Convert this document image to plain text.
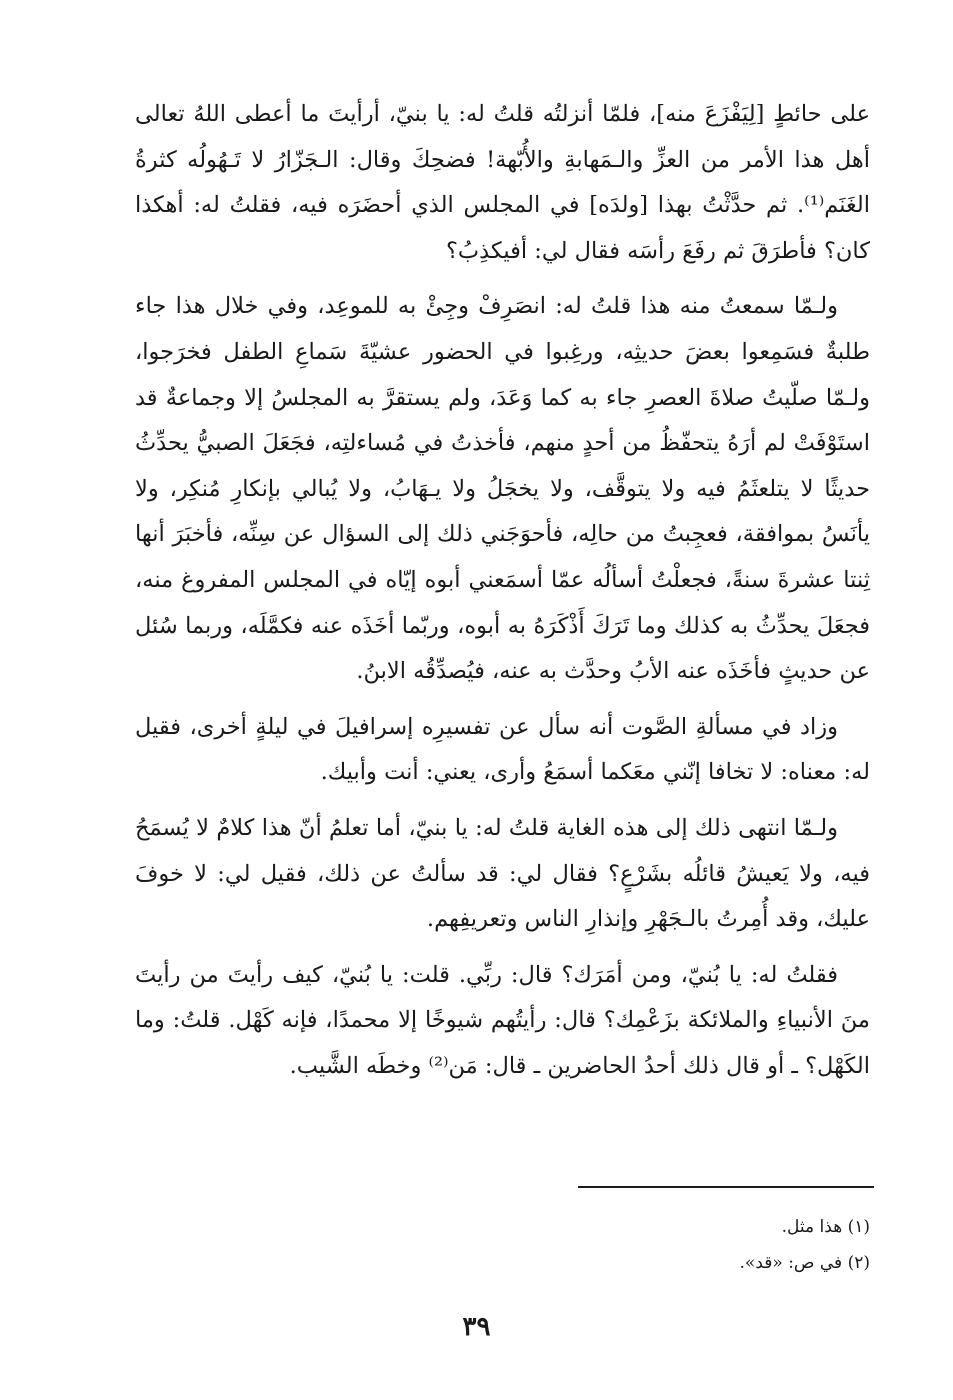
على حائطٍ [لِيَفْزَعَ منه]، فلمّا أنزلتُه قلتُ له: يا بنيّ، أرأيتَ ما أعطى اللهُ تعالى أهل هذا الأمر من العزِّ والـمَهابةِ والأُبّهة! فضحِكَ وقال: الـجَزّارُ لا تَـهُولُه كثرةُ الغَنَم⁽¹⁾. ثم حدَّثْتُ بهذا [ولدَه] في المجلس الذي أحضَرَه فيه، فقلتُ له: أهكذا كان؟ فأطرَقَ ثم رفَعَ رأسَه فقال لي: أفيكذِبُ؟

ولـمّا سمعتُ منه هذا قلتُ له: انصَرِفْ وجِئْ به للموعِد، وفي خلال هذا جاء طلبةٌ فسَمِعوا بعضَ حديثِه، ورغِبوا في الحضور عشيّةَ سَماعِ الطفل فخرَجوا، ولـمّا صلّيتُ صلاةَ العصرِ جاء به كما وَعَدَ، ولم يستقرَّ به المجلسُ إلا وجماعةٌ قد استَوْفَتْ لم أرَهُ يتحفّظُ من أحدٍ منهم، فأخذتُ في مُساءلتِه، فجَعَلَ الصبيُّ يحدِّثُ حديثًا لا يتلعثَمُ فيه ولا يتوقَّف، ولا يخجَلُ ولا يـهَابُ، ولا يُبالي بإنكارِ مُنكِر، ولا يأنَسُ بموافقة، فعجِبتُ من حالِه، فأحوَجَني ذلك إلى السؤال عن سِنِّه، فأخبَرَ أنها ثِنتا عشرةَ سنةً، فجعلْتُ أسألُه عمّا أسمَعني أبوه إيّاه في المجلس المفروغ منه، فجعَلَ يحدِّثُ به كذلك وما تَرَكَ أَذْكَرَهُ به أبوه، وربّما أخَذَه عنه فكمَّلَه، وربما سُئل عن حديثٍ فأخَذَه عنه الأبُ وحدَّث به عنه، فيُصدِّقُه الابنُ.

وزاد في مسألةِ الصَّوت أنه سأل عن تفسيرِه إسرافيلَ في ليلةٍ أخرى، فقيل له: معناه: لا تخافا إنّني معَكما أسمَعُ وأرى، يعني: أنت وأبيك.

ولـمّا انتهى ذلك إلى هذه الغاية قلتُ له: يا بنيّ، أما تعلمُ أنّ هذا كلامٌ لا يُسمَحُ فيه، ولا يَعيشُ قائلُه بشَرْعٍ؟ فقال لي: قد سألتُ عن ذلك، فقيل لي: لا خوفَ عليك، وقد أُمِرتُ بالـجَهْرِ وإنذارِ الناس وتعريفِهم.

فقلتُ له: يا بُنيّ، ومن أمَرَك؟ قال: ربِّي. قلت: يا بُنيّ، كيف رأيتَ من رأيتَ منَ الأنبياءِ والملائكة بزَعْمِك؟ قال: رأيتُهم شيوخًا إلا محمدًا، فإنه كَهْل. قلتُ: وما الكَهْل؟ ـ أو قال ذلك أحدُ الحاضرين ـ قال: مَن⁽²⁾ وخطَه الشَّيب.

(١) هذا مثل.
(٢) في ص: «قد».
٣٩
